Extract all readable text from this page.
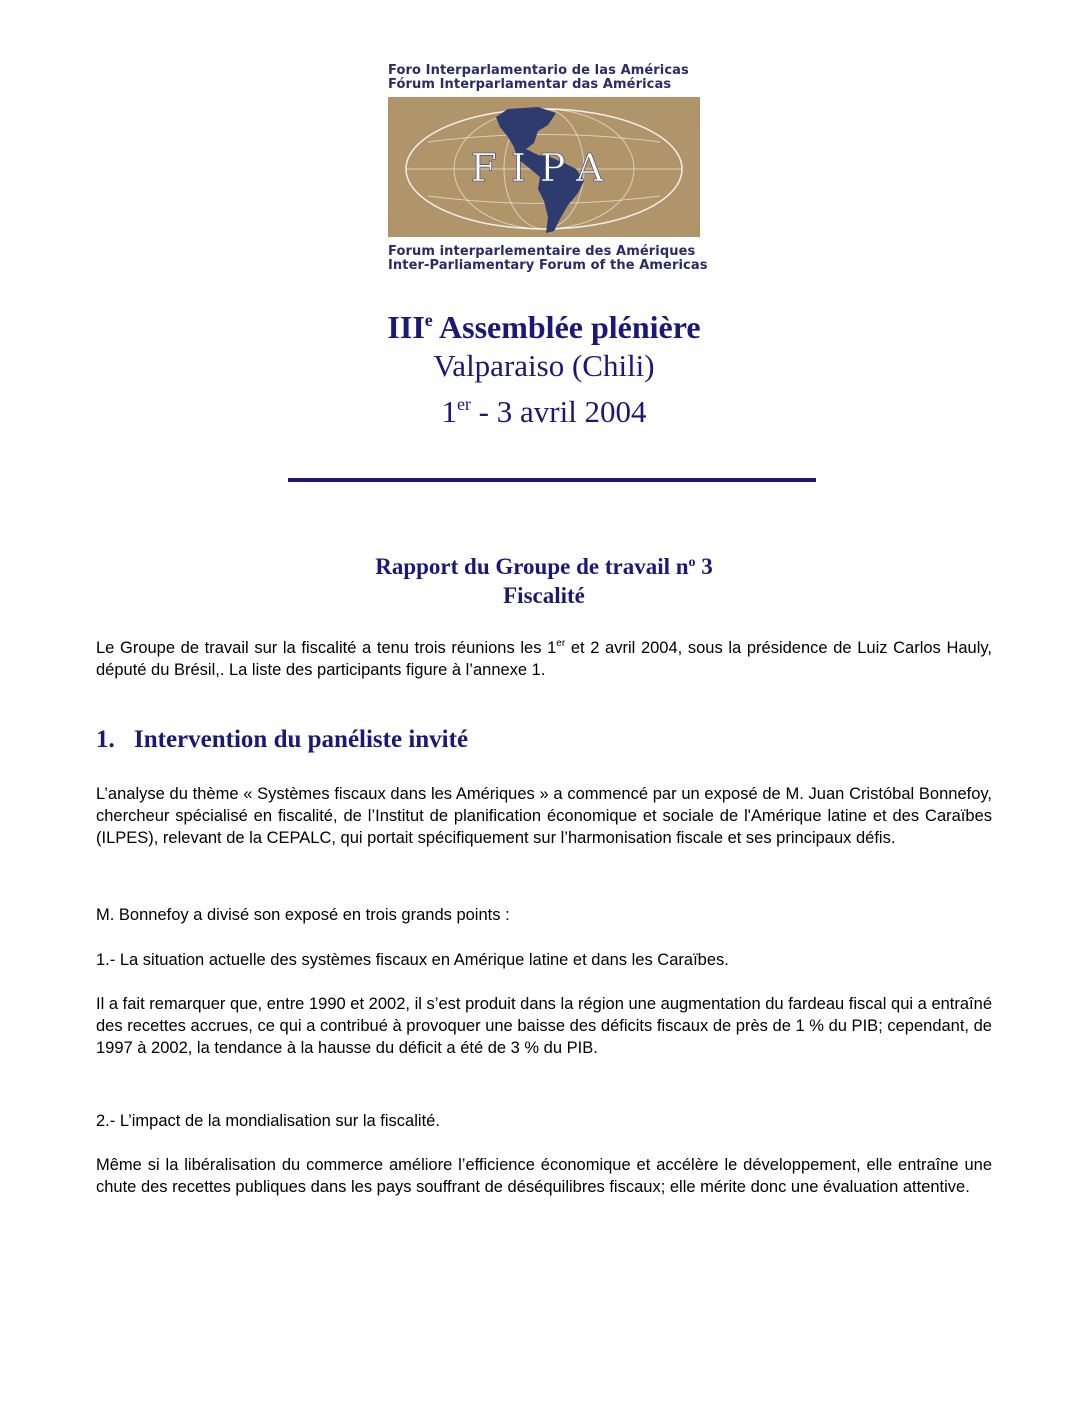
Foro Interparlamentario de las Américas
Fórum Interparlamentar das Américas
FIPA
Forum interparlementaire des Amériques
Inter-Parliamentary Forum of the Americas
IIIe Assemblée plénière
Valparaiso (Chili)
1er - 3 avril 2004
Rapport du Groupe de travail $n^o$ 3
Fiscalité
Le Groupe de travail sur la fiscalité a tenu trois réunions les 1er et 2 avril 2004, sous la présidence de Luiz Carlos Hauly, député du Brésil,. La liste des participants figure à l’annexe 1.
1. Intervention du panéliste invité
L’analyse du thème « Systèmes fiscaux dans les Amériques » a commencé par un exposé de M. Juan Cristóbal Bonnefoy, chercheur spécialisé en fiscalité, de l’Institut de planification économique et sociale de l'Amérique latine et des Caraïbes (ILPES), relevant de la CEPALC, qui portait spécifiquement sur l’harmonisation fiscale et ses principaux défis.
M. Bonnefoy a divisé son exposé en trois grands points :
1.- La situation actuelle des systèmes fiscaux en Amérique latine et dans les Caraïbes.
Il a fait remarquer que, entre 1990 et 2002, il s’est produit dans la région une augmentation du fardeau fiscal qui a entraîné des recettes accrues, ce qui a contribué à provoquer une baisse des déficits fiscaux de près de 1 % du PIB; cependant, de 1997 à 2002, la tendance à la hausse du déficit a été de 3 % du PIB.
2.- L’impact de la mondialisation sur la fiscalité.
Même si la libéralisation du commerce améliore l’efficience économique et accélère le développement, elle entraîne une chute des recettes publiques dans les pays souffrant de déséquilibres fiscaux; elle mérite donc une évaluation attentive.
